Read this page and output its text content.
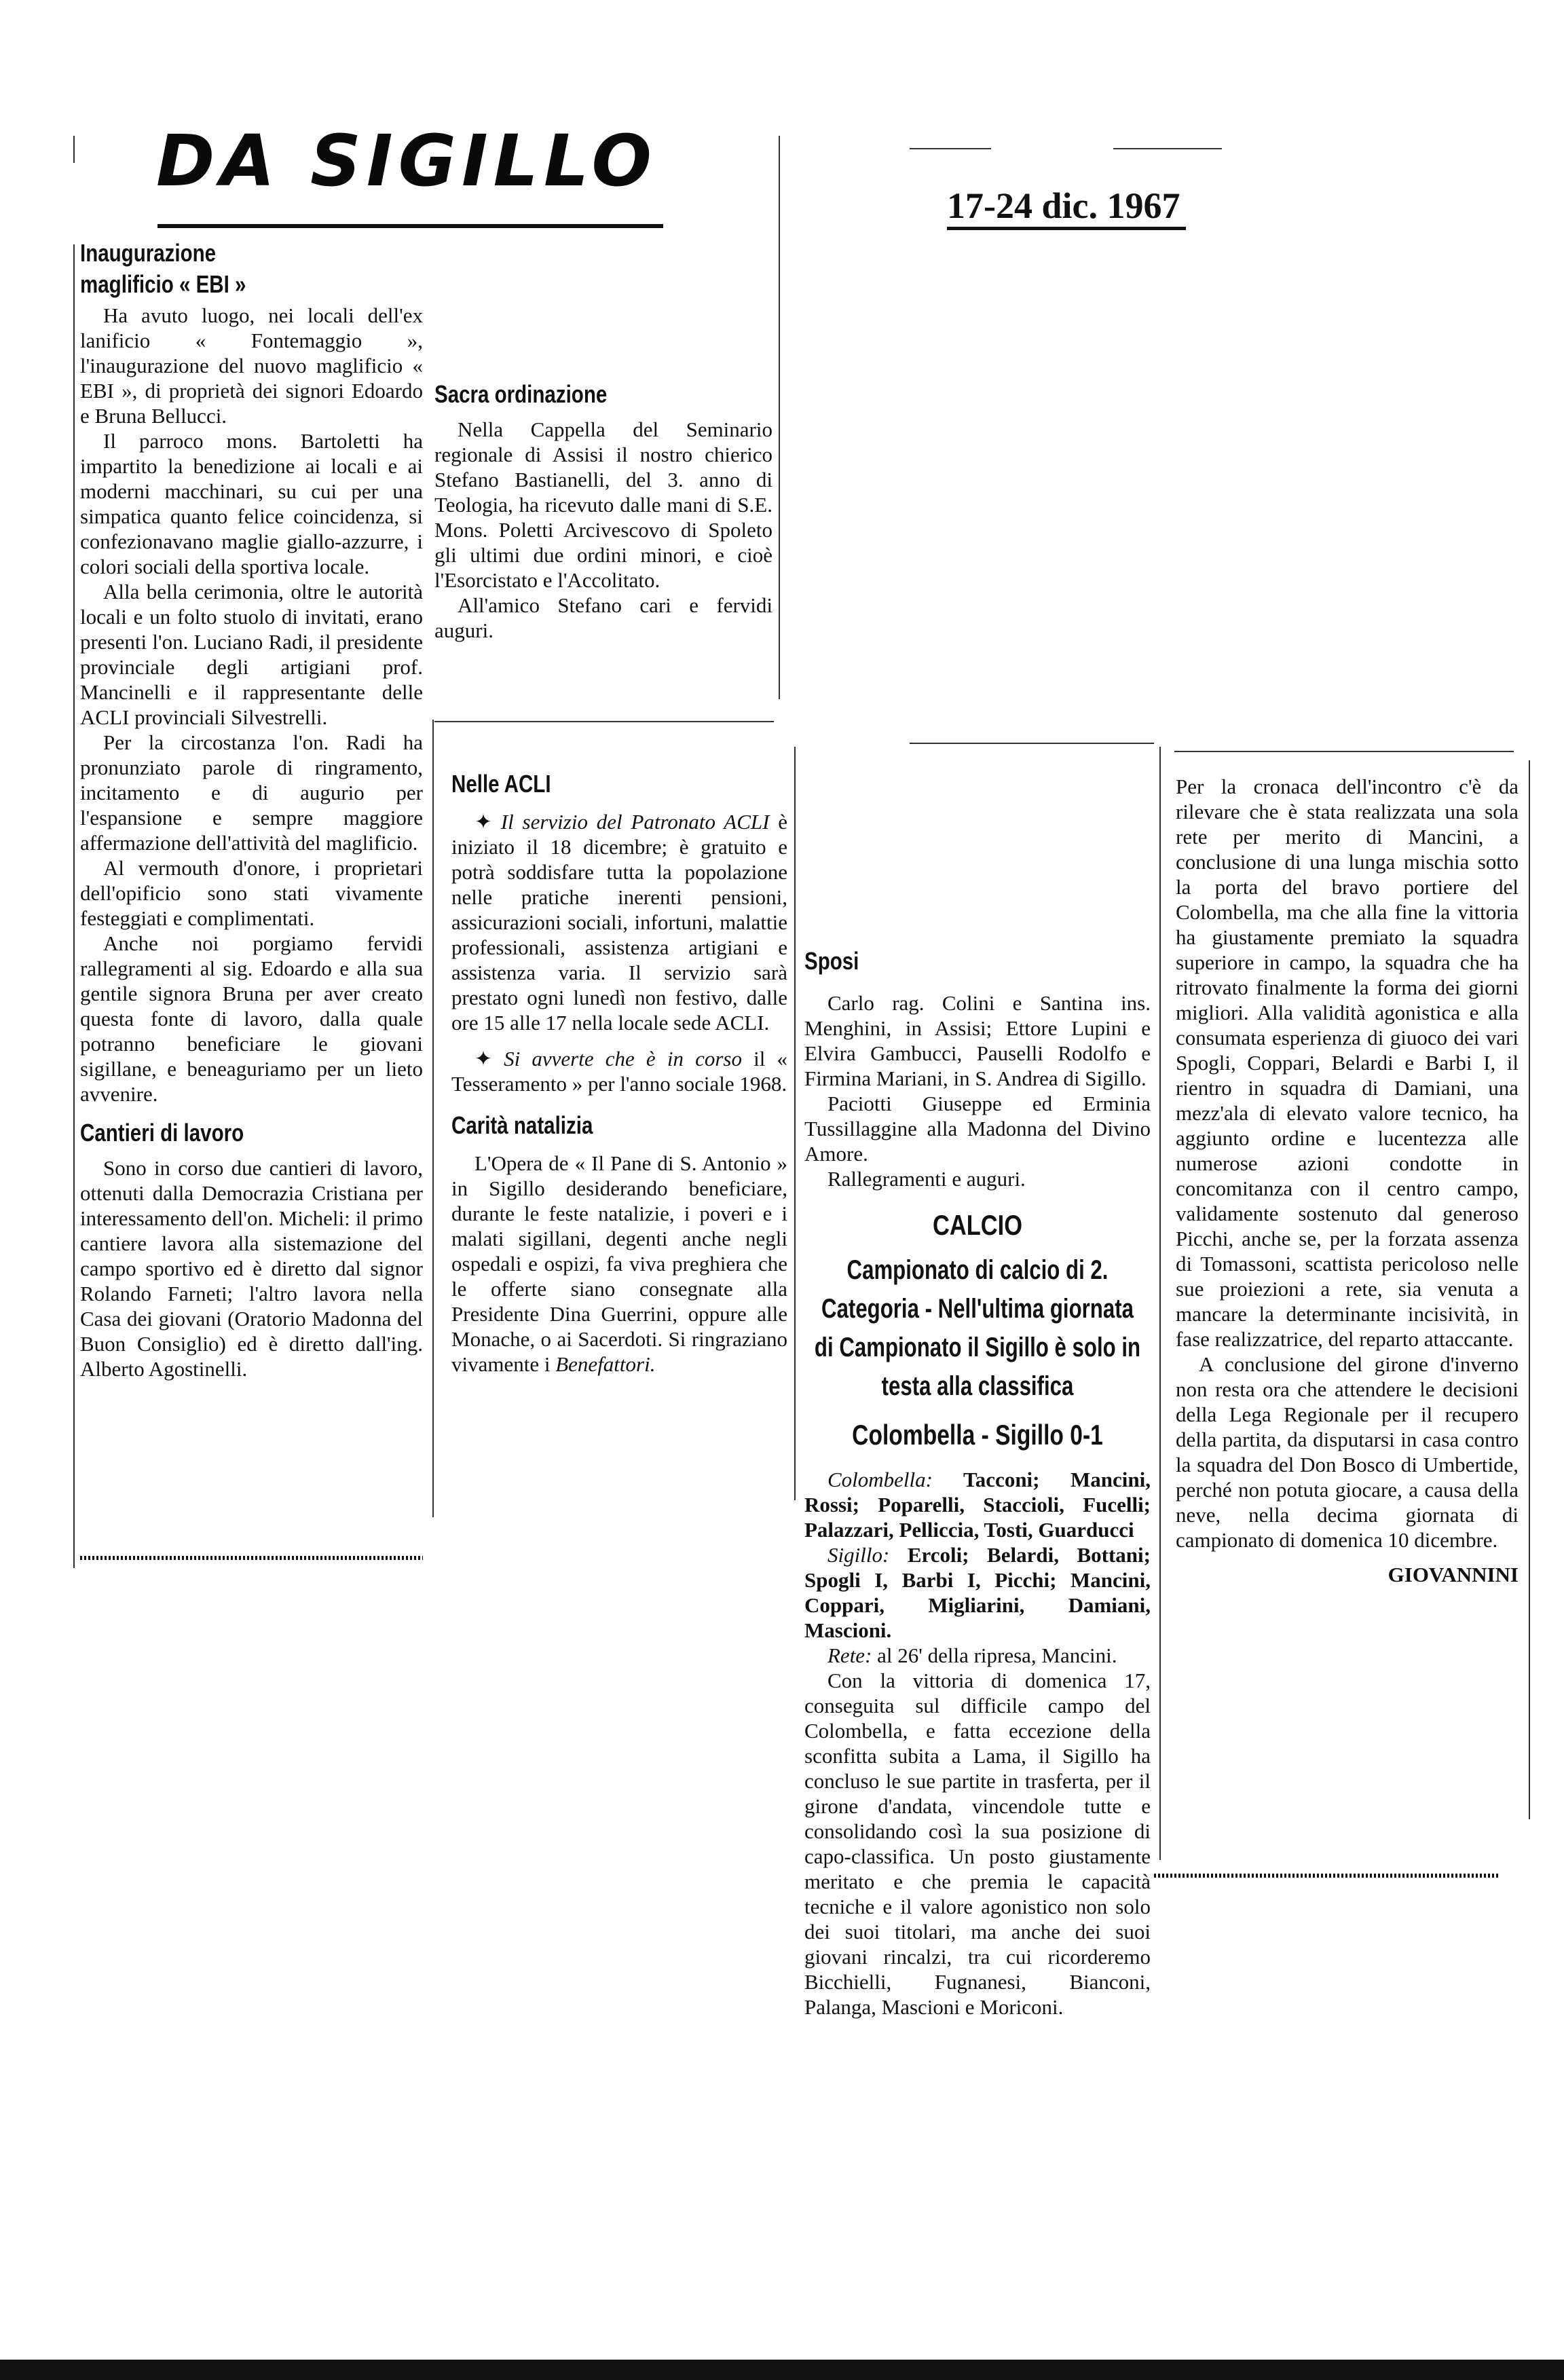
DA SIGILLO
17-24 dic. 1967
Inaugurazione
maglificio « EBI »

Ha avuto luogo, nei locali dell'ex lanificio « Fontemaggio », l'inaugurazione del nuovo maglificio « EBI », di proprietà dei signori Edoardo e Bruna Bellucci.

Il parroco mons. Bartoletti ha impartito la benedizione ai locali e ai moderni macchinari, su cui per una simpatica quanto felice coincidenza, si confezionavano maglie giallo-azzurre, i colori sociali della sportiva locale.

Alla bella cerimonia, oltre le autorità locali e un folto stuolo di invitati, erano presenti l'on. Luciano Radi, il presidente provinciale degli artigiani prof. Mancinelli e il rappresentante delle ACLI provinciali Silvestrelli.

Per la circostanza l'on. Radi ha pronunziato parole di ringramento, incitamento e di augurio per l'espansione e sempre maggiore affermazione dell'attività del maglificio.

Al vermouth d'onore, i proprietari dell'opificio sono stati vivamente festeggiati e complimentati.

Anche noi porgiamo fervidi rallegramenti al sig. Edoardo e alla sua gentile signora Bruna per aver creato questa fonte di lavoro, dalla quale potranno beneficiare le giovani sigillane, e beneaguriamo per un lieto avvenire.

Cantieri di lavoro

Sono in corso due cantieri di lavoro, ottenuti dalla Democrazia Cristiana per interessamento dell'on. Micheli: il primo cantiere lavora alla sistemazione del campo sportivo ed è diretto dal signor Rolando Farneti; l'altro lavora nella Casa dei giovani (Oratorio Madonna del Buon Consiglio) ed è diretto dall'ing. Alberto Agostinelli.

Sacra ordinazione

Nella Cappella del Seminario regionale di Assisi il nostro chierico Stefano Bastianelli, del 3. anno di Teologia, ha ricevuto dalle mani di S.E. Mons. Poletti Arcivescovo di Spoleto gli ultimi due ordini minori, e cioè l'Esorcistato e l'Accolitato.

All'amico Stefano cari e fervidi auguri.

Nelle ACLI

✦ Il servizio del Patronato ACLI è iniziato il 18 dicembre; è gratuito e potrà soddisfare tutta la popolazione nelle pratiche inerenti pensioni, assicurazioni sociali, infortuni, malattie professionali, assistenza artigiani e assistenza varia. Il servizio sarà prestato ogni lunedì non festivo, dalle ore 15 alle 17 nella locale sede ACLI.

✦ Si avverte che è in corso il « Tesseramento » per l'anno sociale 1968.

Carità natalizia

L'Opera de « Il Pane di S. Antonio » in Sigillo desiderando beneficiare, durante le feste natalizie, i poveri e i malati sigillani, degenti anche negli ospedali e ospizi, fa viva preghiera che le offerte siano consegnate alla Presidente Dina Guerrini, oppure alle Monache, o ai Sacerdoti. Si ringraziano vivamente i Benefattori.

Sposi

Carlo rag. Colini e Santina ins. Menghini, in Assisi; Ettore Lupini e Elvira Gambucci, Pauselli Rodolfo e Firmina Mariani, in S. Andrea di Sigillo.

Paciotti Giuseppe ed Erminia Tussillaggine alla Madonna del Divino Amore.

Rallegramenti e auguri.

CALCIO
Campionato di calcio di 2. Categoria - Nell'ultima giornata di Campionato il Sigillo è solo in testa alla classifica
Colombella - Sigillo 0-1

Colombella: Tacconi; Mancini, Rossi; Poparelli, Staccioli, Fucelli; Palazzari, Pelliccia, Tosti, Guarducci

Sigillo: Ercoli; Belardi, Bottani; Spogli I, Barbi I, Picchi; Mancini, Coppari, Migliarini, Damiani, Mascioni.

Rete: al 26' della ripresa, Mancini.

Con la vittoria di domenica 17, conseguita sul difficile campo del Colombella, e fatta eccezione della sconfitta subita a Lama, il Sigillo ha concluso le sue partite in trasferta, per il girone d'andata, vincendole tutte e consolidando così la sua posizione di capo-classifica. Un posto giustamente meritato e che premia le capacità tecniche e il valore agonistico non solo dei suoi titolari, ma anche dei suoi giovani rincalzi, tra cui ricorderemo Bicchielli, Fugnanesi, Bianconi, Palanga, Mascioni e Moriconi.

Per la cronaca dell'incontro c'è da rilevare che è stata realizzata una sola rete per merito di Mancini, a conclusione di una lunga mischia sotto la porta del bravo portiere del Colombella, ma che alla fine la vittoria ha giustamente premiato la squadra superiore in campo, la squadra che ha ritrovato finalmente la forma dei giorni migliori. Alla validità agonistica e alla consumata esperienza di giuoco dei vari Spogli, Coppari, Belardi e Barbi I, il rientro in squadra di Damiani, una mezz'ala di elevato valore tecnico, ha aggiunto ordine e lucentezza alle numerose azioni condotte in concomitanza con il centro campo, validamente sostenuto dal generoso Picchi, anche se, per la forzata assenza di Tomassoni, scattista pericoloso nelle sue proiezioni a rete, sia venuta a mancare la determinante incisività, in fase realizzatrice, del reparto attaccante.

A conclusione del girone d'inverno non resta ora che attendere le decisioni della Lega Regionale per il recupero della partita, da disputarsi in casa contro la squadra del Don Bosco di Umbertide, perché non potuta giocare, a causa della neve, nella decima giornata di campionato di domenica 10 dicembre.

GIOVANNINI
